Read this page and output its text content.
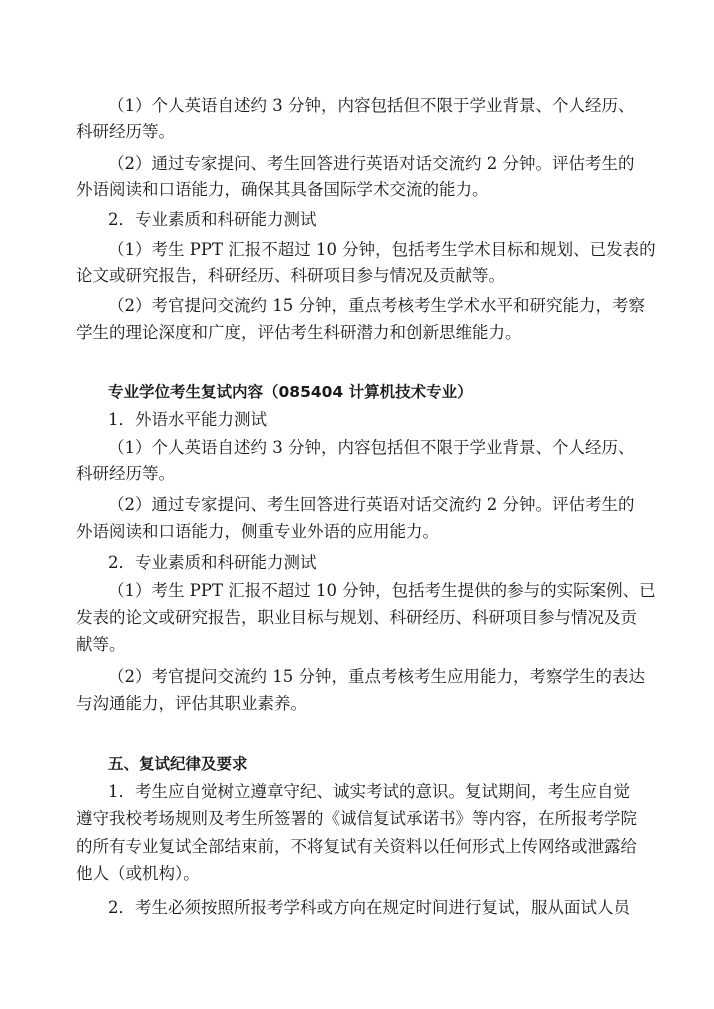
（1）个人英语自述约 3 分钟，内容包括但不限于学业背景、个人经历、
科研经历等。
（2）通过专家提问、考生回答进行英语对话交流约 2 分钟。评估考生的
外语阅读和口语能力，确保其具备国际学术交流的能力。
2．专业素质和科研能力测试
（1）考生 PPT 汇报不超过 10 分钟，包括考生学术目标和规划、已发表的
论文或研究报告，科研经历、科研项目参与情况及贡献等。
（2）考官提问交流约 15 分钟，重点考核考生学术水平和研究能力，考察
学生的理论深度和广度，评估考生科研潜力和创新思维能力。
专业学位考生复试内容（085404 计算机技术专业）
1．外语水平能力测试
（1）个人英语自述约 3 分钟，内容包括但不限于学业背景、个人经历、
科研经历等。
（2）通过专家提问、考生回答进行英语对话交流约 2 分钟。评估考生的
外语阅读和口语能力，侧重专业外语的应用能力。
2．专业素质和科研能力测试
（1）考生 PPT 汇报不超过 10 分钟，包括考生提供的参与的实际案例、已
发表的论文或研究报告，职业目标与规划、科研经历、科研项目参与情况及贡
献等。
（2）考官提问交流约 15 分钟，重点考核考生应用能力，考察学生的表达
与沟通能力，评估其职业素养。
五、复试纪律及要求
1．考生应自觉树立遵章守纪、诚实考试的意识。复试期间，考生应自觉
遵守我校考场规则及考生所签署的《诚信复试承诺书》等内容，在所报考学院
的所有专业复试全部结束前，不将复试有关资料以任何形式上传网络或泄露给
他人（或机构）。
2．考生必须按照所报考学科或方向在规定时间进行复试，服从面试人员
